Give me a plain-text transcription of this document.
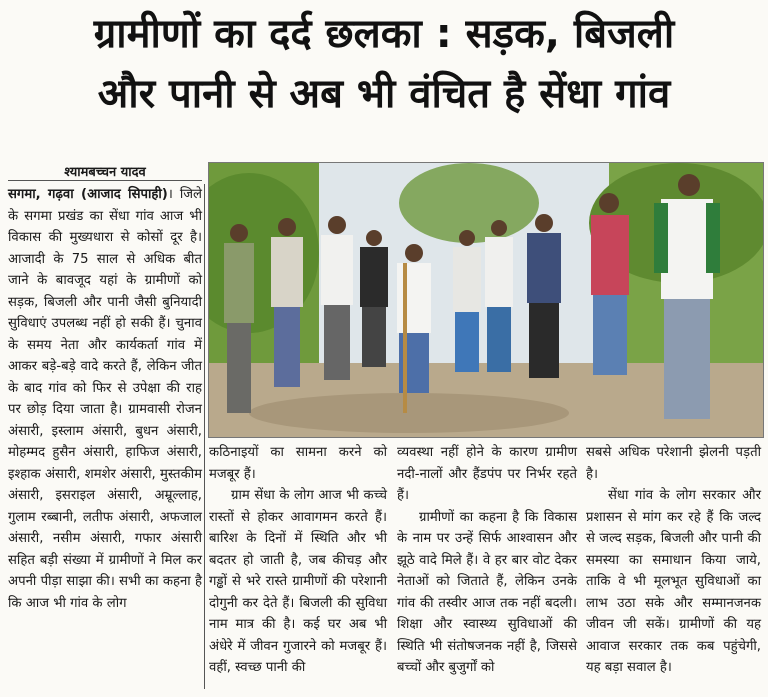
ग्रामीणों का दर्द छलका : सड़क, बिजली
और पानी से अब भी वंचित है सेंधा गांव
श्यामबच्चन यादव

सगमा, गढ़वा (आजाद सिपाही)। जिले के सगमा प्रखंड का सेंधा गांव आज भी विकास की मुख्यधारा से कोसों दूर है। आजादी के 75 साल से अधिक बीत जाने के बावजूद यहां के ग्रामीणों को सड़क, बिजली और पानी जैसी बुनियादी सुविधाएं उपलब्ध नहीं हो सकी हैं। चुनाव के समय नेता और कार्यकर्ता गांव में आकर बड़े-बड़े वादे करते हैं, लेकिन जीत के बाद गांव को फिर से उपेक्षा की राह पर छोड़ दिया जाता है। ग्रामवासी रोजन अंसारी, इस्लाम अंसारी, बुधन अंसारी, मोहम्मद हुसैन अंसारी, हाफिज अंसारी, इश्हाक अंसारी, शमशेर अंसारी, मुस्तकीम अंसारी, इसराइल अंसारी, अम्रूल्लाह, गुलाम रब्बानी, लतीफ अंसारी, अफजाल अंसारी, नसीम अंसारी, गफार अंसारी सहित बड़ी संख्या में ग्रामीणों ने मिल कर अपनी पीड़ा साझा की। सभी का कहना है कि आज भी गांव के लोग

कठिनाइयों का सामना करने को मजबूर हैं।

ग्राम सेंधा के लोग आज भी कच्चे रास्तों से होकर आवागमन करते हैं। बारिश के दिनों में स्थिति और भी बदतर हो जाती है, जब कीचड़ और गड्ढों से भरे रास्ते ग्रामीणों की परेशानी दोगुनी कर देते हैं। बिजली की सुविधा नाम मात्र की है। कई घर अब भी अंधेरे में जीवन गुजारने को मजबूर हैं। वहीं, स्वच्छ पानी की

व्यवस्था नहीं होने के कारण ग्रामीण नदी-नालों और हैंडपंप पर निर्भर रहते हैं।

ग्रामीणों का कहना है कि विकास के नाम पर उन्हें सिर्फ आश्वासन और झूठे वादे मिले हैं। वे हर बार वोट देकर नेताओं को जिताते हैं, लेकिन उनके गांव की तस्वीर आज तक नहीं बदली। शिक्षा और स्वास्थ्य सुविधाओं की स्थिति भी संतोषजनक नहीं है, जिससे बच्चों और बुजुर्गों को

सबसे अधिक परेशानी झेलनी पड़ती है।

सेंधा गांव के लोग सरकार और प्रशासन से मांग कर रहे हैं कि जल्द से जल्द सड़क, बिजली और पानी की समस्या का समाधान किया जाये, ताकि वे भी मूलभूत सुविधाओं का लाभ उठा सके और सम्मानजनक जीवन जी सकें। ग्रामीणों की यह आवाज सरकार तक कब पहुंचेगी, यह बड़ा सवाल है।
